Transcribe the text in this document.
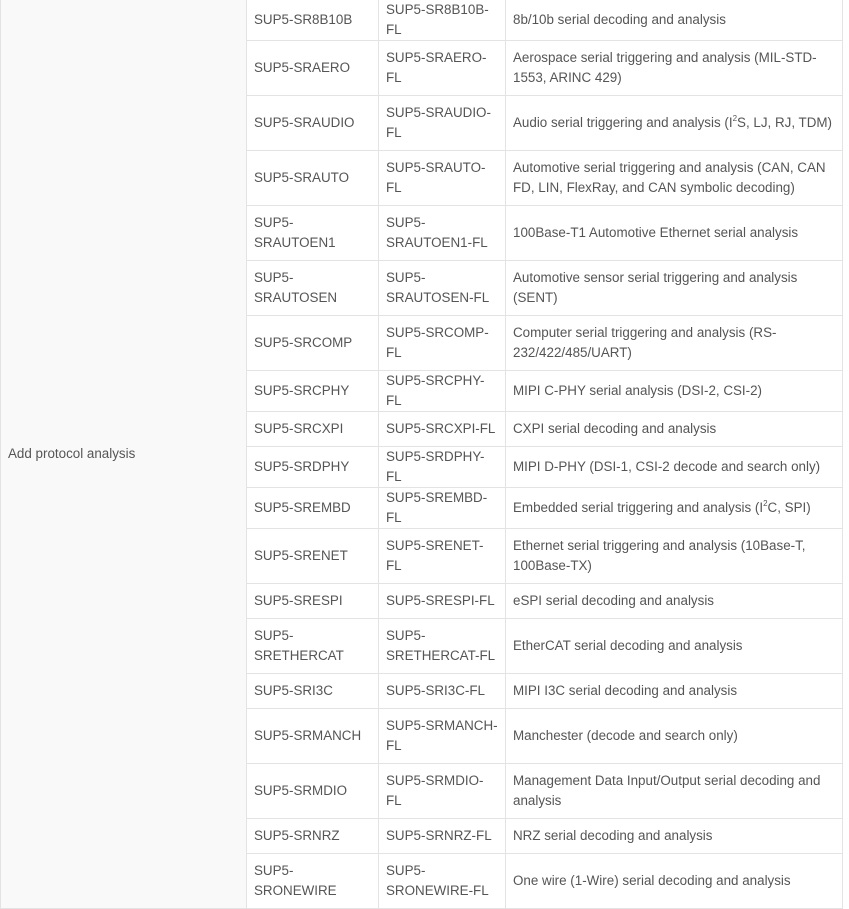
Add protocol analysis	SUP5-SR8B10B	SUP5-SR8B10B-FL	8b/10b serial decoding and analysis
	SUP5-SRAERO	SUP5-SRAERO-FL	Aerospace serial triggering and analysis (MIL-STD-1553, ARINC 429)
	SUP5-SRAUDIO	SUP5-SRAUDIO-FL	Audio serial triggering and analysis ($I^2S$, LJ, RJ, TDM)
	SUP5-SRAUTO	SUP5-SRAUTO-FL	Automotive serial triggering and analysis (CAN, CAN FD, LIN, FlexRay, and CAN symbolic decoding)
	SUP5-SRAUTOEN1	SUP5-SRAUTOEN1-FL	100Base-T1 Automotive Ethernet serial analysis
	SUP5-SRAUTOSEN	SUP5-SRAUTOSEN-FL	Automotive sensor serial triggering and analysis (SENT)
	SUP5-SRCOMP	SUP5-SRCOMP-FL	Computer serial triggering and analysis (RS-232/422/485/UART)
	SUP5-SRCPHY	SUP5-SRCPHY-FL	MIPI C-PHY serial analysis (DSI-2, CSI-2)
	SUP5-SRCXPI	SUP5-SRCXPI-FL	CXPI serial decoding and analysis
	SUP5-SRDPHY	SUP5-SRDPHY-FL	MIPI D-PHY (DSI-1, CSI-2 decode and search only)
	SUP5-SREMBD	SUP5-SREMBD-FL	Embedded serial triggering and analysis ($I^2C$, SPI)
	SUP5-SRENET	SUP5-SRENET-FL	Ethernet serial triggering and analysis (10Base-T, 100Base-TX)
	SUP5-SRESPI	SUP5-SRESPI-FL	eSPI serial decoding and analysis
	SUP5-SRETHERCAT	SUP5-SRETHERCAT-FL	EtherCAT serial decoding and analysis
	SUP5-SRI3C	SUP5-SRI3C-FL	MIPI I3C serial decoding and analysis
	SUP5-SRMANCH	SUP5-SRMANCH-FL	Manchester (decode and search only)
	SUP5-SRMDIO	SUP5-SRMDIO-FL	Management Data Input/Output serial decoding and analysis
	SUP5-SRNRZ	SUP5-SRNRZ-FL	NRZ serial decoding and analysis
	SUP5-SRONEWIRE	SUP5-SRONEWIRE-FL	One wire (1-Wire) serial decoding and analysis
